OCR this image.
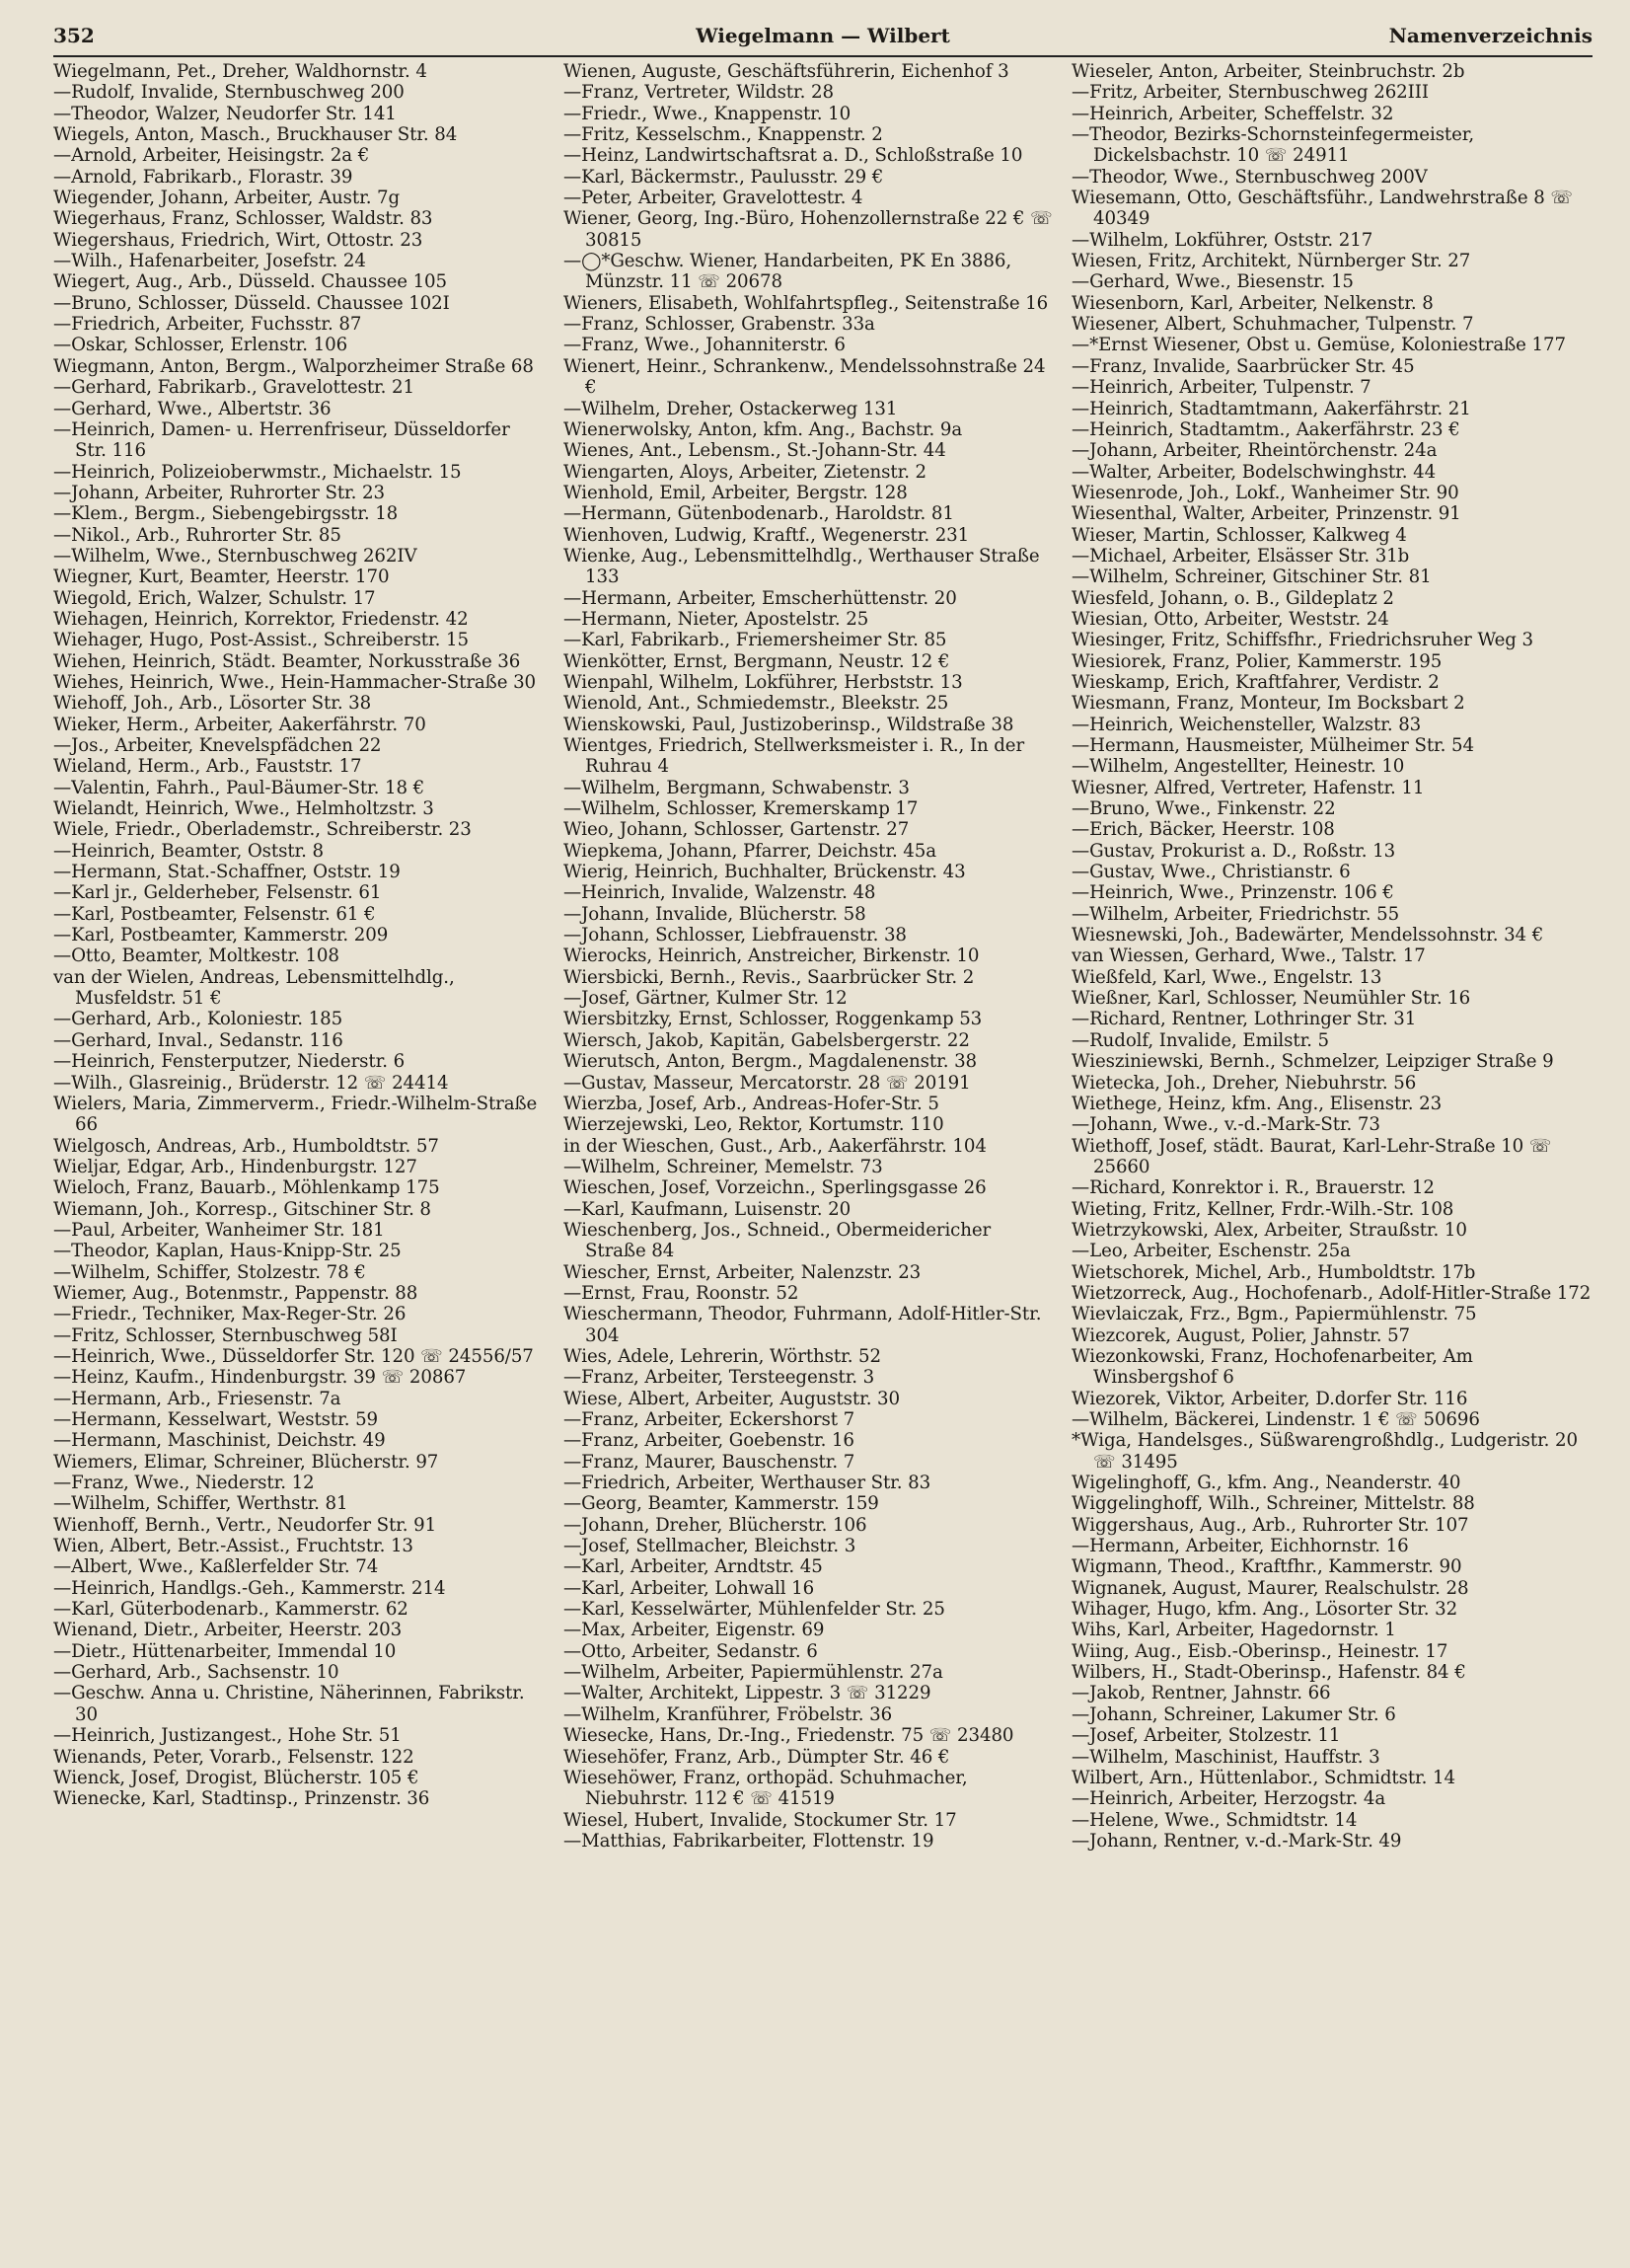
352	Wiegelmann — Wilbert	Namenverzeichnis

Wiegelmann, Pet., Dreher, Waldhornstr. 4

—Rudolf, Invalide, Sternbuschweg 200

—Theodor, Walzer, Neudorfer Str. 141

Wiegels, Anton, Masch., Bruckhauser Str. 84

—Arnold, Arbeiter, Heisingstr. 2a €

—Arnold, Fabrikarb., Florastr. 39

Wiegender, Johann, Arbeiter, Austr. 7g

Wiegerhaus, Franz, Schlosser, Waldstr. 83

Wiegershaus, Friedrich, Wirt, Ottostr. 23

—Wilh., Hafenarbeiter, Josefstr. 24

Wiegert, Aug., Arb., Düsseld. Chaussee 105

—Bruno, Schlosser, Düsseld. Chaussee 102I

—Friedrich, Arbeiter, Fuchsstr. 87

—Oskar, Schlosser, Erlenstr. 106

Wiegmann, Anton, Bergm., Walporzheimer Straße 68

—Gerhard, Fabrikarb., Gravelottestr. 21

—Gerhard, Wwe., Albertstr. 36

—Heinrich, Damen- u. Herrenfriseur, Düsseldorfer Str. 116

—Heinrich, Polizeioberwmstr., Michaelstr. 15

—Johann, Arbeiter, Ruhrorter Str. 23

—Klem., Bergm., Siebengebirgsstr. 18

—Nikol., Arb., Ruhrorter Str. 85

—Wilhelm, Wwe., Sternbuschweg 262IV

Wiegner, Kurt, Beamter, Heerstr. 170

Wiegold, Erich, Walzer, Schulstr. 17

Wiehagen, Heinrich, Korrektor, Friedenstr. 42

Wiehager, Hugo, Post-Assist., Schreiberstr. 15

Wiehen, Heinrich, Städt. Beamter, Norkusstraße 36

Wiehes, Heinrich, Wwe., Hein-Hammacher-Straße 30

Wiehoff, Joh., Arb., Lösorter Str. 38

Wieker, Herm., Arbeiter, Aakerfährstr. 70

—Jos., Arbeiter, Knevelspfädchen 22

Wieland, Herm., Arb., Fauststr. 17

—Valentin, Fahrh., Paul-Bäumer-Str. 18 €

Wielandt, Heinrich, Wwe., Helmholtzstr. 3

Wiele, Friedr., Oberlademstr., Schreiberstr. 23

—Heinrich, Beamter, Oststr. 8

—Hermann, Stat.-Schaffner, Oststr. 19

—Karl jr., Gelderheber, Felsenstr. 61

—Karl, Postbeamter, Felsenstr. 61 €

—Karl, Postbeamter, Kammerstr. 209

—Otto, Beamter, Moltkestr. 108

van der Wielen, Andreas, Lebensmittelhdlg., Musfeldstr. 51 €

—Gerhard, Arb., Koloniestr. 185

—Gerhard, Inval., Sedanstr. 116

—Heinrich, Fensterputzer, Niederstr. 6

—Wilh., Glasreinig., Brüderstr. 12 ☏ 24414

Wielers, Maria, Zimmerverm., Friedr.-Wilhelm-Straße 66

Wielgosch, Andreas, Arb., Humboldtstr. 57

Wieljar, Edgar, Arb., Hindenburgstr. 127

Wieloch, Franz, Bauarb., Möhlenkamp 175

Wiemann, Joh., Korresp., Gitschiner Str. 8

—Paul, Arbeiter, Wanheimer Str. 181

—Theodor, Kaplan, Haus-Knipp-Str. 25

—Wilhelm, Schiffer, Stolzestr. 78 €

Wiemer, Aug., Botenmstr., Pappenstr. 88

—Friedr., Techniker, Max-Reger-Str. 26

—Fritz, Schlosser, Sternbuschweg 58I

—Heinrich, Wwe., Düsseldorfer Str. 120 ☏ 24556/57

—Heinz, Kaufm., Hindenburgstr. 39 ☏ 20867

—Hermann, Arb., Friesenstr. 7a

—Hermann, Kesselwart, Weststr. 59

—Hermann, Maschinist, Deichstr. 49

Wiemers, Elimar, Schreiner, Blücherstr. 97

—Franz, Wwe., Niederstr. 12

—Wilhelm, Schiffer, Werthstr. 81

Wienhoff, Bernh., Vertr., Neudorfer Str. 91

Wien, Albert, Betr.-Assist., Fruchtstr. 13

—Albert, Wwe., Kaßlerfelder Str. 74

—Heinrich, Handlgs.-Geh., Kammerstr. 214

—Karl, Güterbodenarb., Kammerstr. 62

Wienand, Dietr., Arbeiter, Heerstr. 203

—Dietr., Hüttenarbeiter, Immendal 10

—Gerhard, Arb., Sachsenstr. 10

—Geschw. Anna u. Christine, Näherinnen, Fabrikstr. 30

—Heinrich, Justizangest., Hohe Str. 51

Wienands, Peter, Vorarb., Felsenstr. 122

Wienck, Josef, Drogist, Blücherstr. 105 €

Wienecke, Karl, Stadtinsp., Prinzenstr. 36

Wienen, Auguste, Geschäftsführerin, Eichenhof 3

—Franz, Vertreter, Wildstr. 28

—Friedr., Wwe., Knappenstr. 10

—Fritz, Kesselschm., Knappenstr. 2

—Heinz, Landwirtschaftsrat a. D., Schloßstraße 10

—Karl, Bäckermstr., Paulusstr. 29 €

—Peter, Arbeiter, Gravelottestr. 4

Wiener, Georg, Ing.-Büro, Hohenzollernstraße 22 € ☏ 30815

—◯*Geschw. Wiener, Handarbeiten, PK En 3886, Münzstr. 11 ☏ 20678

Wieners, Elisabeth, Wohlfahrtspfleg., Seitenstraße 16

—Franz, Schlosser, Grabenstr. 33a

—Franz, Wwe., Johanniterstr. 6

Wienert, Heinr., Schrankenw., Mendelssohnstraße 24 €

—Wilhelm, Dreher, Ostackerweg 131

Wienerwolsky, Anton, kfm. Ang., Bachstr. 9a

Wienes, Ant., Lebensm., St.-Johann-Str. 44

Wiengarten, Aloys, Arbeiter, Zietenstr. 2

Wienhold, Emil, Arbeiter, Bergstr. 128

—Hermann, Gütenbodenarb., Haroldstr. 81

Wienhoven, Ludwig, Kraftf., Wegenerstr. 231

Wienke, Aug., Lebensmittelhdlg., Werthauser Straße 133

—Hermann, Arbeiter, Emscherhüttenstr. 20

—Hermann, Nieter, Apostelstr. 25

—Karl, Fabrikarb., Friemersheimer Str. 85

Wienkötter, Ernst, Bergmann, Neustr. 12 €

Wienpahl, Wilhelm, Lokführer, Herbststr. 13

Wienold, Ant., Schmiedemstr., Bleekstr. 25

Wienskowski, Paul, Justizoberinsp., Wildstraße 38

Wientges, Friedrich, Stellwerksmeister i. R., In der Ruhrau 4

—Wilhelm, Bergmann, Schwabenstr. 3

—Wilhelm, Schlosser, Kremerskamp 17

Wieo, Johann, Schlosser, Gartenstr. 27

Wiepkema, Johann, Pfarrer, Deichstr. 45a

Wierig, Heinrich, Buchhalter, Brückenstr. 43

—Heinrich, Invalide, Walzenstr. 48

—Johann, Invalide, Blücherstr. 58

—Johann, Schlosser, Liebfrauenstr. 38

Wierocks, Heinrich, Anstreicher, Birkenstr. 10

Wiersbicki, Bernh., Revis., Saarbrücker Str. 2

—Josef, Gärtner, Kulmer Str. 12

Wiersbitzky, Ernst, Schlosser, Roggenkamp 53

Wiersch, Jakob, Kapitän, Gabelsbergerstr. 22

Wierutsch, Anton, Bergm., Magdalenenstr. 38

—Gustav, Masseur, Mercatorstr. 28 ☏ 20191

Wierzba, Josef, Arb., Andreas-Hofer-Str. 5

Wierzejewski, Leo, Rektor, Kortumstr. 110

in der Wieschen, Gust., Arb., Aakerfährstr. 104

—Wilhelm, Schreiner, Memelstr. 73

Wieschen, Josef, Vorzeichn., Sperlingsgasse 26

—Karl, Kaufmann, Luisenstr. 20

Wieschenberg, Jos., Schneid., Obermeidericher Straße 84

Wiescher, Ernst, Arbeiter, Nalenzstr. 23

—Ernst, Frau, Roonstr. 52

Wieschermann, Theodor, Fuhrmann, Adolf-Hitler-Str. 304

Wies, Adele, Lehrerin, Wörthstr. 52

—Franz, Arbeiter, Tersteegenstr. 3

Wiese, Albert, Arbeiter, Auguststr. 30

—Franz, Arbeiter, Eckershorst 7

—Franz, Arbeiter, Goebenstr. 16

—Franz, Maurer, Bauschenstr. 7

—Friedrich, Arbeiter, Werthauser Str. 83

—Georg, Beamter, Kammerstr. 159

—Johann, Dreher, Blücherstr. 106

—Josef, Stellmacher, Bleichstr. 3

—Karl, Arbeiter, Arndtstr. 45

—Karl, Arbeiter, Lohwall 16

—Karl, Kesselwärter, Mühlenfelder Str. 25

—Max, Arbeiter, Eigenstr. 69

—Otto, Arbeiter, Sedanstr. 6

—Wilhelm, Arbeiter, Papiermühlenstr. 27a

—Walter, Architekt, Lippestr. 3 ☏ 31229

—Wilhelm, Kranführer, Fröbelstr. 36

Wiesecke, Hans, Dr.-Ing., Friedenstr. 75 ☏ 23480

Wiesehöfer, Franz, Arb., Dümpter Str. 46 €

Wiesehöwer, Franz, orthopäd. Schuhmacher, Niebuhrstr. 112 € ☏ 41519

Wiesel, Hubert, Invalide, Stockumer Str. 17

—Matthias, Fabrikarbeiter, Flottenstr. 19

Wieseler, Anton, Arbeiter, Steinbruchstr. 2b

—Fritz, Arbeiter, Sternbuschweg 262III

—Heinrich, Arbeiter, Scheffelstr. 32

—Theodor, Bezirks-Schornsteinfegermeister, Dickelsbachstr. 10 ☏ 24911

—Theodor, Wwe., Sternbuschweg 200V

Wiesemann, Otto, Geschäftsführ., Landwehrstraße 8 ☏ 40349

—Wilhelm, Lokführer, Oststr. 217

Wiesen, Fritz, Architekt, Nürnberger Str. 27

—Gerhard, Wwe., Biesenstr. 15

Wiesenborn, Karl, Arbeiter, Nelkenstr. 8

Wiesener, Albert, Schuhmacher, Tulpenstr. 7

—*Ernst Wiesener, Obst u. Gemüse, Koloniestraße 177

—Franz, Invalide, Saarbrücker Str. 45

—Heinrich, Arbeiter, Tulpenstr. 7

—Heinrich, Stadtamtmann, Aakerfährstr. 21

—Heinrich, Stadtamtm., Aakerfährstr. 23 €

—Johann, Arbeiter, Rheintörchenstr. 24a

—Walter, Arbeiter, Bodelschwinghstr. 44

Wiesenrode, Joh., Lokf., Wanheimer Str. 90

Wiesenthal, Walter, Arbeiter, Prinzenstr. 91

Wieser, Martin, Schlosser, Kalkweg 4

—Michael, Arbeiter, Elsässer Str. 31b

—Wilhelm, Schreiner, Gitschiner Str. 81

Wiesfeld, Johann, o. B., Gildeplatz 2

Wiesian, Otto, Arbeiter, Weststr. 24

Wiesinger, Fritz, Schiffsfhr., Friedrichsruher Weg 3

Wiesiorek, Franz, Polier, Kammerstr. 195

Wieskamp, Erich, Kraftfahrer, Verdistr. 2

Wiesmann, Franz, Monteur, Im Bocksbart 2

—Heinrich, Weichensteller, Walzstr. 83

—Hermann, Hausmeister, Mülheimer Str. 54

—Wilhelm, Angestellter, Heinestr. 10

Wiesner, Alfred, Vertreter, Hafenstr. 11

—Bruno, Wwe., Finkenstr. 22

—Erich, Bäcker, Heerstr. 108

—Gustav, Prokurist a. D., Roßstr. 13

—Gustav, Wwe., Christianstr. 6

—Heinrich, Wwe., Prinzenstr. 106 €

—Wilhelm, Arbeiter, Friedrichstr. 55

Wiesnewski, Joh., Badewärter, Mendelssohnstr. 34 €

van Wiessen, Gerhard, Wwe., Talstr. 17

Wießfeld, Karl, Wwe., Engelstr. 13

Wießner, Karl, Schlosser, Neumühler Str. 16

—Richard, Rentner, Lothringer Str. 31

—Rudolf, Invalide, Emilstr. 5

Wiesziniewski, Bernh., Schmelzer, Leipziger Straße 9

Wietecka, Joh., Dreher, Niebuhrstr. 56

Wiethege, Heinz, kfm. Ang., Elisenstr. 23

—Johann, Wwe., v.-d.-Mark-Str. 73

Wiethoff, Josef, städt. Baurat, Karl-Lehr-Straße 10 ☏ 25660

—Richard, Konrektor i. R., Brauerstr. 12

Wieting, Fritz, Kellner, Frdr.-Wilh.-Str. 108

Wietrzykowski, Alex, Arbeiter, Straußstr. 10

—Leo, Arbeiter, Eschenstr. 25a

Wietschorek, Michel, Arb., Humboldtstr. 17b

Wietzorreck, Aug., Hochofenarb., Adolf-Hitler-Straße 172

Wievlaiczak, Frz., Bgm., Papiermühlenstr. 75

Wiezcorek, August, Polier, Jahnstr. 57

Wiezonkowski, Franz, Hochofenarbeiter, Am Winsbergshof 6

Wiezorek, Viktor, Arbeiter, D.dorfer Str. 116

—Wilhelm, Bäckerei, Lindenstr. 1 € ☏ 50696

*Wiga, Handelsges., Süßwarengroßhdlg., Ludgeristr. 20 ☏ 31495

Wigelinghoff, G., kfm. Ang., Neanderstr. 40

Wiggelinghoff, Wilh., Schreiner, Mittelstr. 88

Wiggershaus, Aug., Arb., Ruhrorter Str. 107

—Hermann, Arbeiter, Eichhornstr. 16

Wigmann, Theod., Kraftfhr., Kammerstr. 90

Wignanek, August, Maurer, Realschulstr. 28

Wihager, Hugo, kfm. Ang., Lösorter Str. 32

Wihs, Karl, Arbeiter, Hagedornstr. 1

Wiing, Aug., Eisb.-Oberinsp., Heinestr. 17

Wilbers, H., Stadt-Oberinsp., Hafenstr. 84 €

—Jakob, Rentner, Jahnstr. 66

—Johann, Schreiner, Lakumer Str. 6

—Josef, Arbeiter, Stolzestr. 11

—Wilhelm, Maschinist, Hauffstr. 3

Wilbert, Arn., Hüttenlabor., Schmidtstr. 14

—Heinrich, Arbeiter, Herzogstr. 4a

—Helene, Wwe., Schmidtstr. 14

—Johann, Rentner, v.-d.-Mark-Str. 49
